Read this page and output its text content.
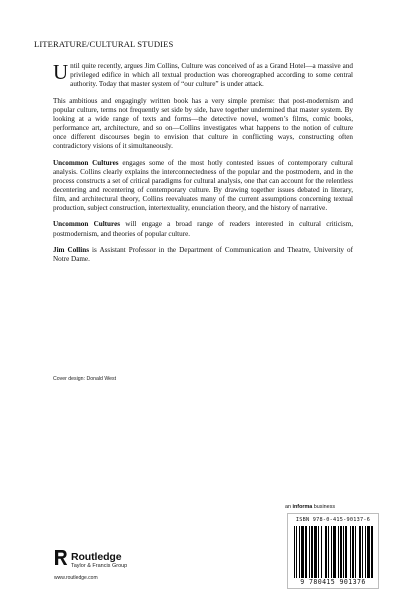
LITERATURE/CULTURAL STUDIES

Until quite recently, argues Jim Collins, Culture was conceived of as a Grand Hotel—a massive and privileged edifice in which all textual production was choreographed according to some central authority. Today that master system of “our culture” is under attack.

This ambitious and engagingly written book has a very simple premise: that post-modernism and popular culture, terms not frequently set side by side, have together undermined that master system. By looking at a wide range of texts and forms—the detective novel, women’s films, comic books, performance art, architecture, and so on—Collins investigates what happens to the notion of culture once different discourses begin to envision that culture in conflicting ways, constructing often contradictory visions of it simultaneously.

Uncommon Cultures engages some of the most hotly contested issues of contemporary cultural analysis. Collins clearly explains the interconnectedness of the popular and the postmodern, and in the process constructs a set of critical paradigms for cultural analysis, one that can account for the relentless decentering and recentering of contemporary culture. By drawing together issues debated in literary, film, and architectural theory, Collins reevaluates many of the current assumptions concerning textual production, subject construction, intertextuality, enunciation theory, and the history of narrative.

Uncommon Cultures will engage a broad range of readers interested in cultural criticism, postmodernism, and theories of popular culture.

Jim Collins is Assistant Professor in the Department of Communication and Theatre, University of Notre Dame.

Cover design: Donald West
an informa business
ISBN 978-0-415-90137-6
9 780415 901376
Routledge
Taylor & Francis Group
www.routledge.com
